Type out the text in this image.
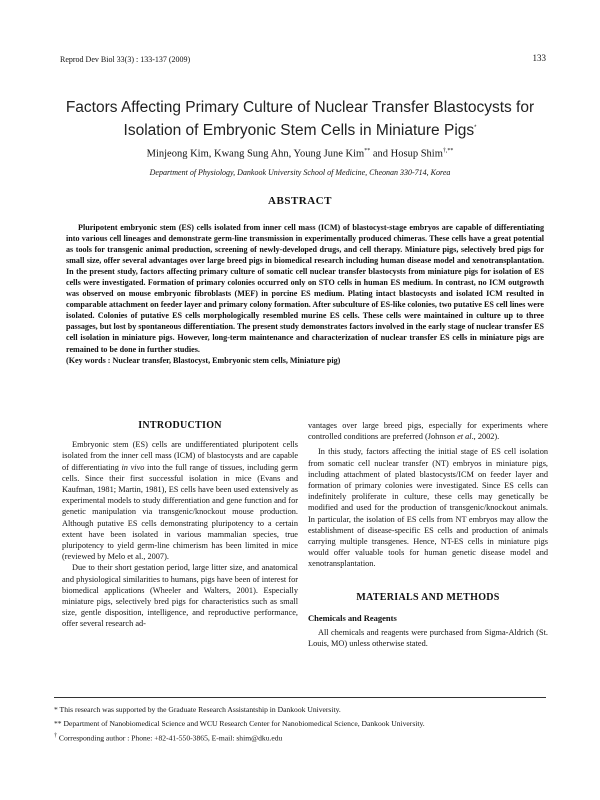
Reprod Dev Biol 33(3) : 133-137 (2009)	133
Factors Affecting Primary Culture of Nuclear Transfer Blastocysts for
Isolation of Embryonic Stem Cells in Miniature Pigs*
Minjeong Kim, Kwang Sung Ahn, Young June Kim** and Hosup Shim†,**
Department of Physiology, Dankook University School of Medicine, Cheonan 330-714, Korea
ABSTRACT
Pluripotent embryonic stem (ES) cells isolated from inner cell mass (ICM) of blastocyst-stage embryos are capable of differentiating into various cell lineages and demonstrate germ-line transmission in experimentally produced chimeras. These cells have a great potential as tools for transgenic animal production, screening of newly-developed drugs, and cell therapy. Miniature pigs, selectively bred pigs for small size, offer several advantages over large breed pigs in biomedical research including human disease model and xenotransplantation. In the present study, factors affecting primary culture of somatic cell nuclear transfer blastocysts from miniature pigs for isolation of ES cells were investigated. Formation of primary colonies occurred only on STO cells in human ES medium. In contrast, no ICM outgrowth was observed on mouse embryonic fibroblasts (MEF) in porcine ES medium. Plating intact blastocysts and isolated ICM resulted in comparable attachment on feeder layer and primary colony formation. After subculture of ES-like colonies, two putative ES cell lines were isolated. Colonies of putative ES cells morphologically resembled murine ES cells. These cells were maintained in culture up to three passages, but lost by spontaneous differentiation. The present study demonstrates factors involved in the early stage of nuclear transfer ES cell isolation in miniature pigs. However, long-term maintenance and characterization of nuclear transfer ES cells in miniature pigs are remained to be done in further studies.
(Key words : Nuclear transfer, Blastocyst, Embryonic stem cells, Miniature pig)
INTRODUCTION

Embryonic stem (ES) cells are undifferentiated pluripotent cells isolated from the inner cell mass (ICM) of blastocysts and are capable of differentiating in vivo into the full range of tissues, including germ cells. Since their first successful isolation in mice (Evans and Kaufman, 1981; Martin, 1981), ES cells have been used extensively as experimental models to study differentiation and gene function and for genetic manipulation via transgenic/knockout mouse production. Although putative ES cells demonstrating pluripotency to a certain extent have been isolated in various mammalian species, true pluripotency to yield germ-line chimerism has been limited in mice (reviewed by Melo et al., 2007).

Due to their short gestation period, large litter size, and anatomical and physiological similarities to humans, pigs have been of interest for biomedical applications (Wheeler and Walters, 2001). Especially miniature pigs, selectively bred pigs for characteristics such as small size, gentle disposition, intelligence, and reproductive performance, offer several research ad-

vantages over large breed pigs, especially for experiments where controlled conditions are preferred (Johnson et al., 2002).

In this study, factors affecting the initial stage of ES cell isolation from somatic cell nuclear transfer (NT) embryos in miniature pigs, including attachment of plated blastocysts/ICM on feeder layer and formation of primary colonies were investigated. Since ES cells can indefinitely proliferate in culture, these cells may genetically be modified and used for the production of transgenic/knockout animals. In particular, the isolation of ES cells from NT embryos may allow the establishment of disease-specific ES cells and production of animals carrying multiple transgenes. Hence, NT-ES cells in miniature pigs would offer valuable tools for human genetic disease model and xenotransplantation.

MATERIALS AND METHODS
Chemicals and Reagents

All chemicals and reagents were purchased from Sigma-Aldrich (St. Louis, MO) unless otherwise stated.

* This research was supported by the Graduate Research Assistantship in Dankook University.
** Department of Nanobiomedical Science and WCU Research Center for Nanobiomedical Science, Dankook University.
† Corresponding author : Phone: +82-41-550-3865, E-mail: shim@dku.edu
